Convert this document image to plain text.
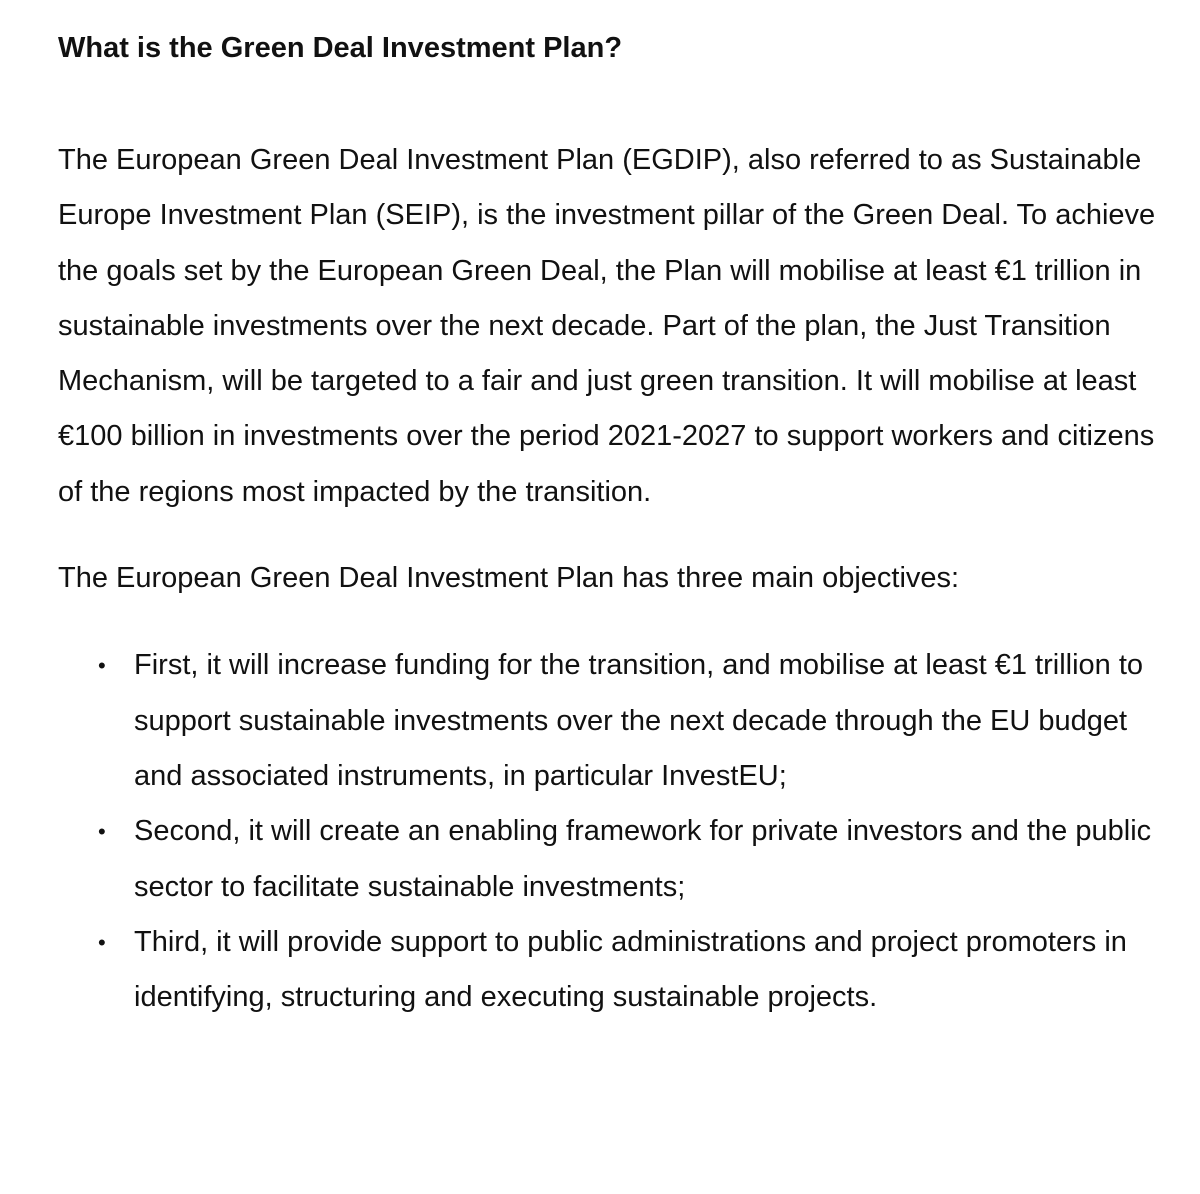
What is the Green Deal Investment Plan?

The European Green Deal Investment Plan (EGDIP), also referred to as Sustainable Europe Investment Plan (SEIP), is the investment pillar of the Green Deal. To achieve the goals set by the European Green Deal, the Plan will mobilise at least €1 trillion in sustainable investments over the next decade. Part of the plan, the Just Transition Mechanism, will be targeted to a fair and just green transition. It will mobilise at least €100 billion in investments over the period 2021-2027 to support workers and citizens of the regions most impacted by the transition.

The European Green Deal Investment Plan has three main objectives:

• First, it will increase funding for the transition, and mobilise at least €1 trillion to support sustainable investments over the next decade through the EU budget and associated instruments, in particular InvestEU;
• Second, it will create an enabling framework for private investors and the public sector to facilitate sustainable investments;
• Third, it will provide support to public administrations and project promoters in identifying, structuring and executing sustainable projects.
